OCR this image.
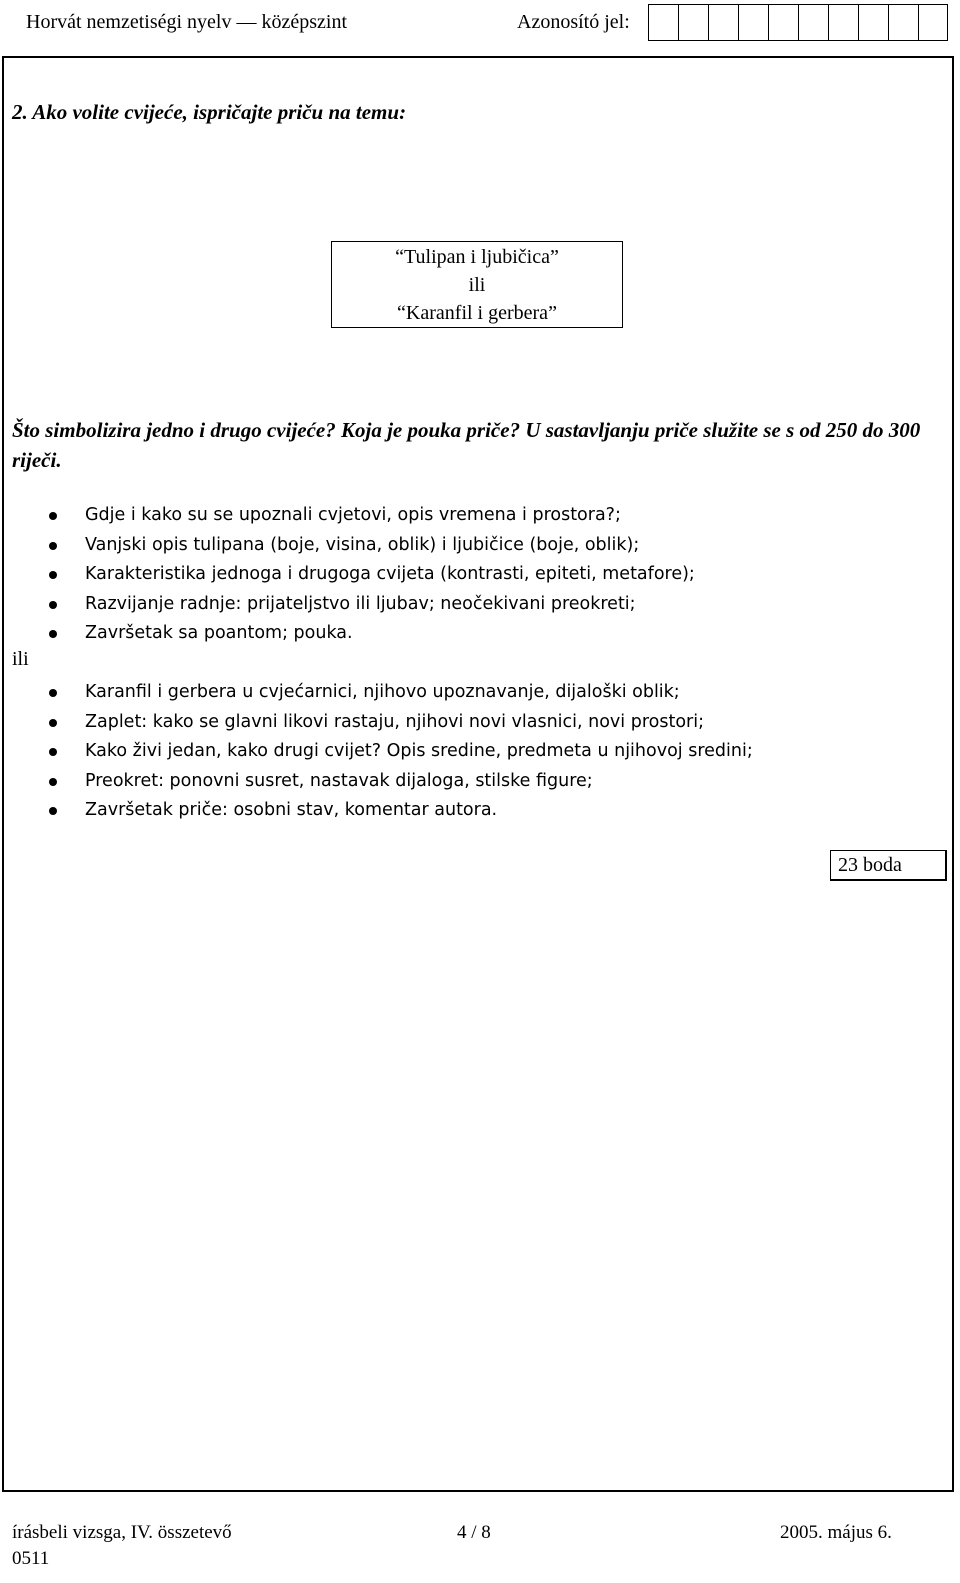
Horvát nemzetiségi nyelv — középszint	Azonosító jel:
2. Ako volite cvijeće, ispričajte priču na temu:
“Tulipan i ljubičica”
ili
“Karanfil i gerbera”
Što simbolizira jedno i drugo cvijeće? Koja je pouka priče? U sastavljanju priče služite se s od 250 do 300 riječi.
Gdje i kako su se upoznali cvjetovi, opis vremena i prostora?;
Vanjski opis tulipana (boje, visina, oblik) i ljubičice (boje, oblik);
Karakteristika jednoga i drugoga cvijeta (kontrasti, epiteti, metafore);
Razvijanje radnje: prijateljstvo ili ljubav; neočekivani preokreti;
Završetak sa poantom; pouka.
ili
Karanfil i gerbera u cvjećarnici, njihovo upoznavanje, dijaloški oblik;
Zaplet: kako se glavni likovi rastaju, njihovi novi vlasnici, novi prostori;
Kako živi jedan, kako drugi cvijet? Opis sredine, predmeta u njihovoj sredini;
Preokret: ponovni susret, nastavak dijaloga, stilske figure;
Završetak priče: osobni stav, komentar autora.
23 boda
írásbeli vizsga, IV. összetevő	4 / 8	2005. május 6.
0511
